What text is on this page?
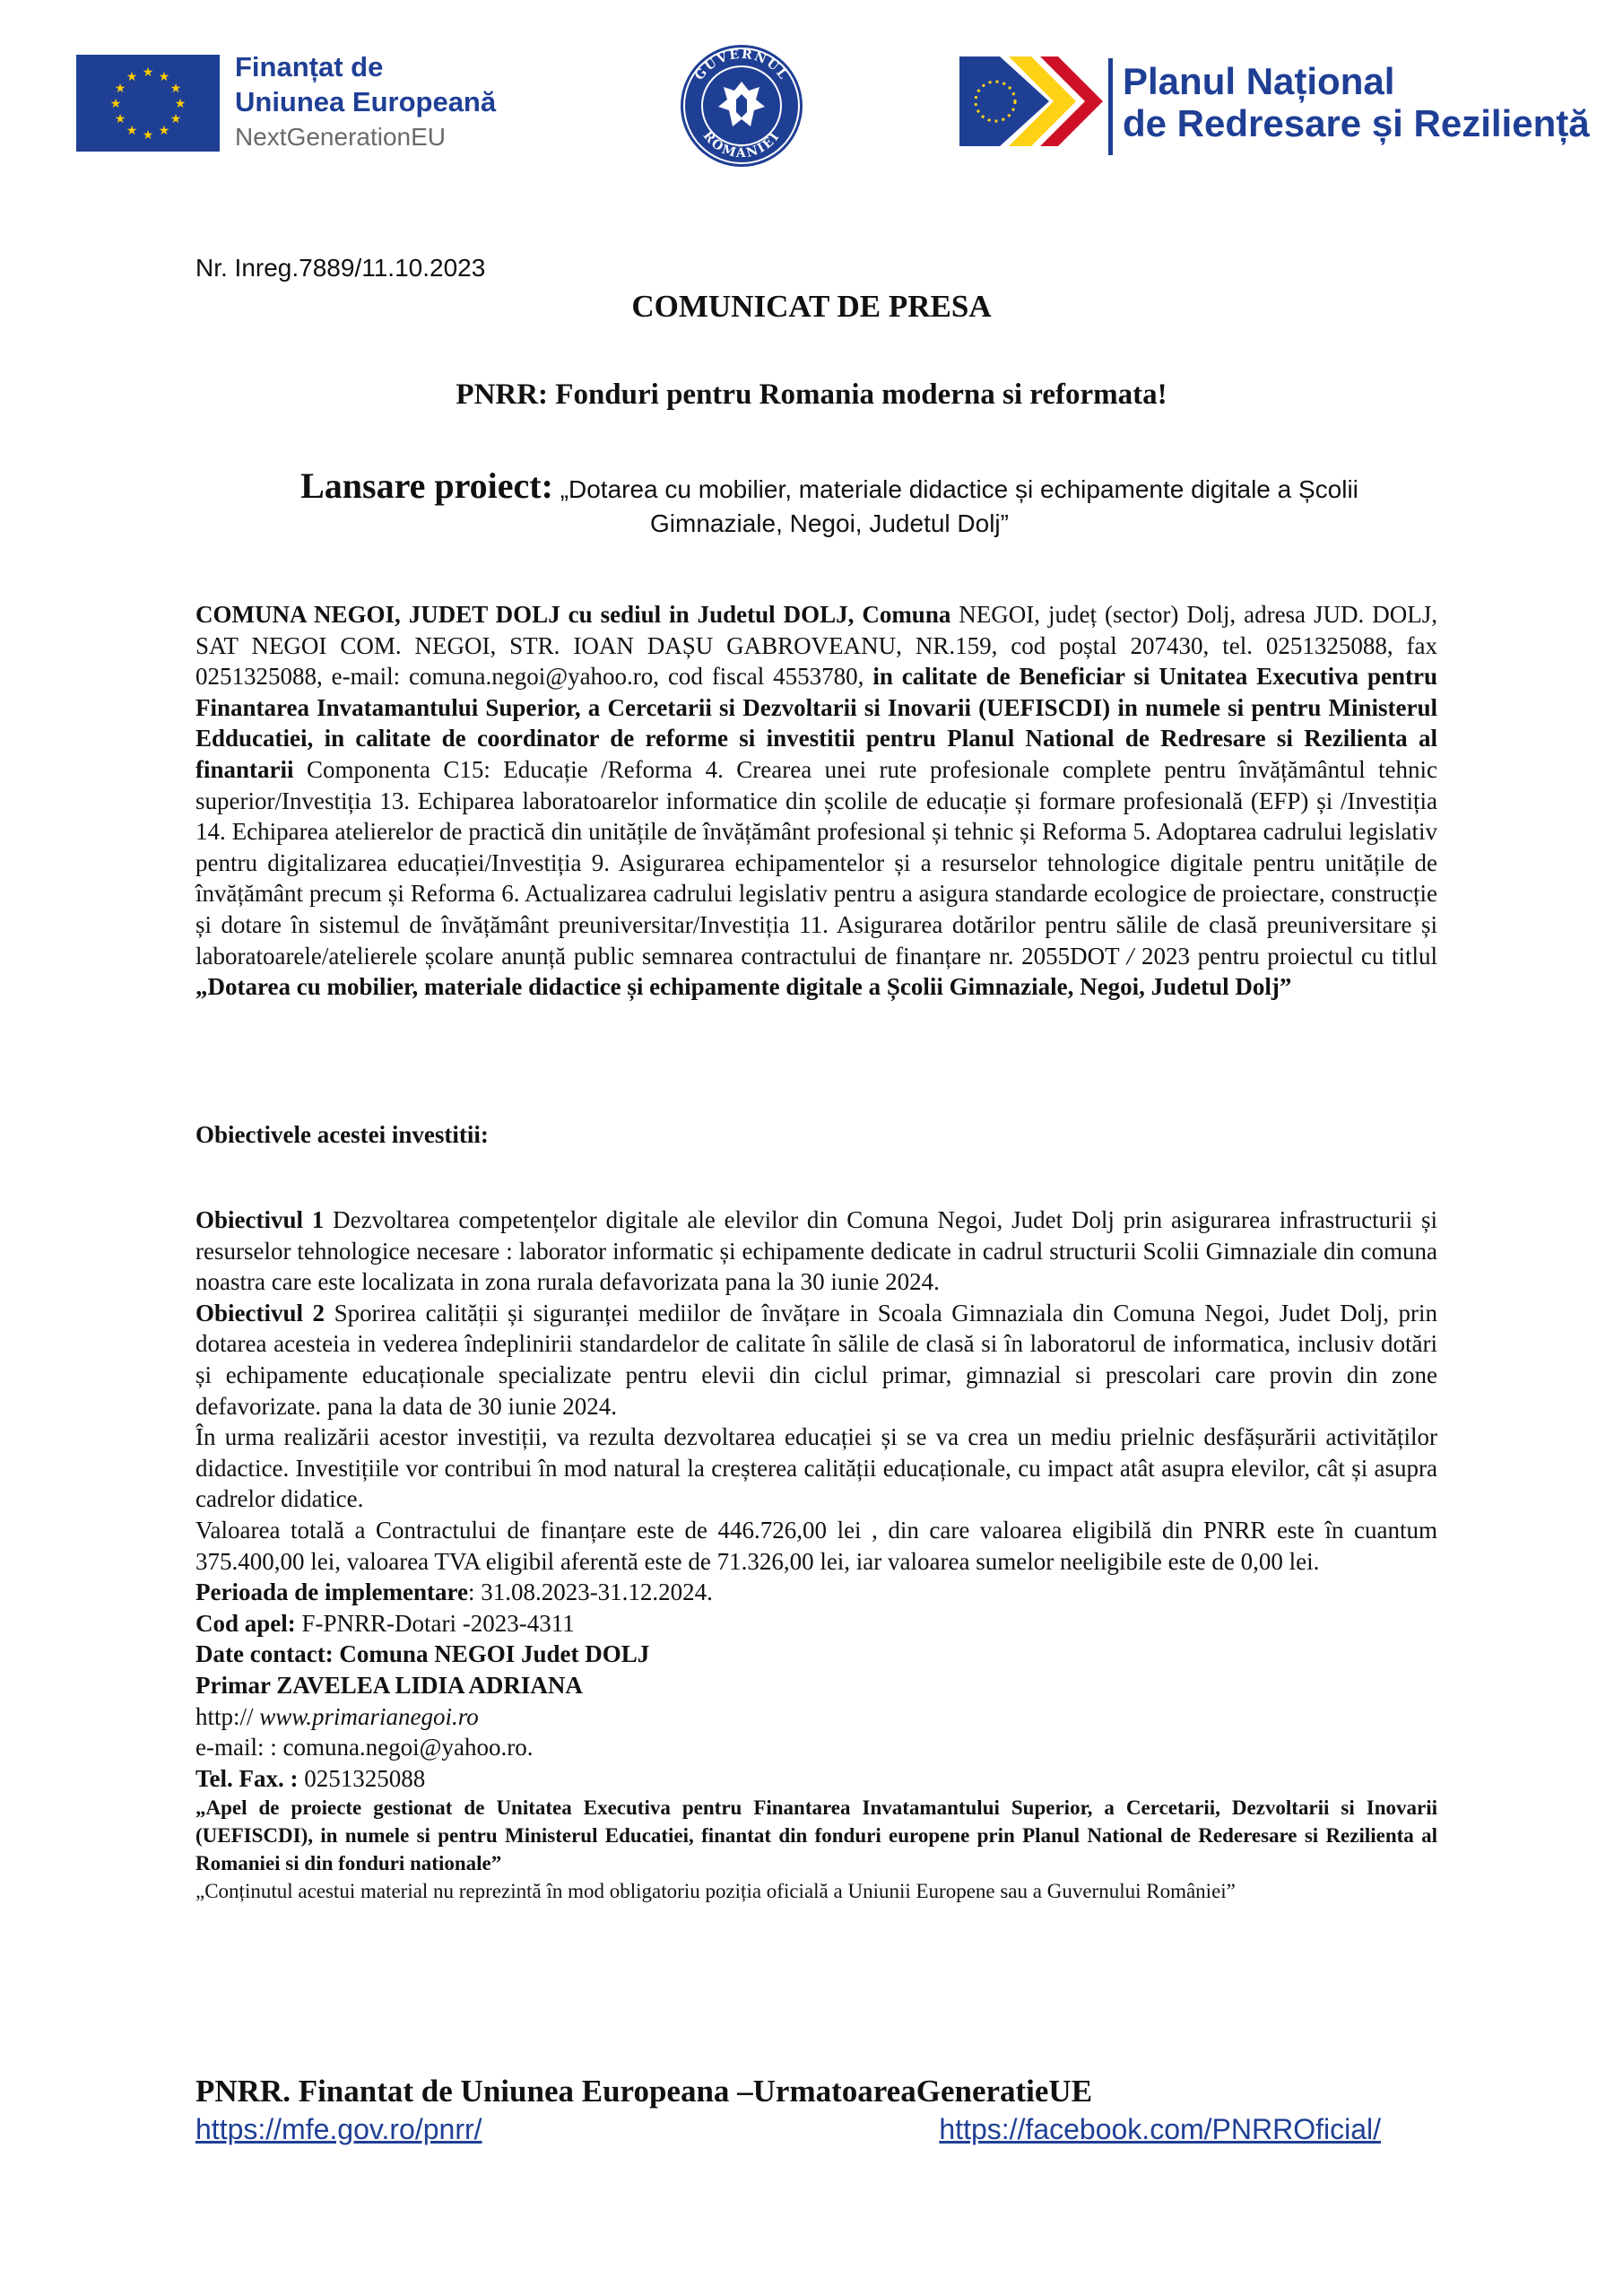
★ ★
★
★
★
★
★
★
★
★
★
★	Finanțat de
Uniunea Europeană
NextGenerationEU
GUVERNUL
ROMÂNIEI
Planul Național
de Redresare și Reziliență
Nr. Inreg.7889/11.10.2023
COMUNICAT DE PRESA
PNRR: Fonduri pentru Romania moderna si reformata!
Lansare proiect: „Dotarea cu mobilier, materiale didactice și echipamente digitale a Școlii Gimnaziale, Negoi, Judetul Dolj”
COMUNA NEGOI, JUDET DOLJ cu sediul in Judetul DOLJ, Comuna NEGOI, județ (sector) Dolj, adresa JUD. DOLJ, SAT NEGOI COM. NEGOI, STR. IOAN DAȘU GABROVEANU, NR.159, cod poștal 207430, tel. 0251325088, fax 0251325088, e-mail: comuna.negoi@yahoo.ro, cod fiscal 4553780, in calitate de Beneficiar si Unitatea Executiva pentru Finantarea Invatamantului Superior, a Cercetarii si Dezvoltarii si Inovarii (UEFISCDI) in numele si pentru Ministerul Edducatiei, in calitate de coordinator de reforme si investitii pentru Planul National de Redresare si Rezilienta al finantarii Componenta C15: Educație /Reforma 4. Crearea unei rute profesionale complete pentru învățământul tehnic superior/Investiția 13. Echiparea laboratoarelor informatice din școlile de educație și formare profesională (EFP) și /Investiția 14. Echiparea atelierelor de practică din unitățile de învățământ profesional și tehnic și Reforma 5. Adoptarea cadrului legislativ pentru digitalizarea educației/Investiția 9. Asigurarea echipamentelor și a resurselor tehnologice digitale pentru unitățile de învățământ precum și Reforma 6. Actualizarea cadrului legislativ pentru a asigura standarde ecologice de proiectare, construcție și dotare în sistemul de învățământ preuniversitar/Investiția 11. Asigurarea dotărilor pentru sălile de clasă preuniversitare și laboratoarele/atelierele școlare anunță public semnarea contractului de finanțare nr. 2055DOT / 2023 pentru proiectul cu titlul „Dotarea cu mobilier, materiale didactice și echipamente digitale a Școlii Gimnaziale, Negoi, Judetul Dolj”
Obiectivele acestei investitii:

Obiectivul 1 Dezvoltarea competențelor digitale ale elevilor din Comuna Negoi, Judet Dolj prin asigurarea infrastructurii și resurselor tehnologice necesare : laborator informatic și echipamente dedicate in cadrul structurii Scolii Gimnaziale din comuna noastra care este localizata in zona rurala defavorizata pana la 30 iunie 2024.

Obiectivul 2 Sporirea calității și siguranței mediilor de învățare in Scoala Gimnaziala din Comuna Negoi, Judet Dolj, prin dotarea acesteia in vederea îndeplinirii standardelor de calitate în sălile de clasă si în laboratorul de informatica, inclusiv dotări și echipamente educaționale specializate pentru elevii din ciclul primar, gimnazial si prescolari care provin din zone defavorizate. pana la data de 30 iunie 2024.

În urma realizării acestor investiții, va rezulta dezvoltarea educației și se va crea un mediu prielnic desfășurării activităților didactice. Investițiile vor contribui în mod natural la creșterea calității educaționale, cu impact atât asupra elevilor, cât și asupra cadrelor didatice.

Valoarea totală a Contractului de finanțare este de 446.726,00 lei , din care valoarea eligibilă din PNRR este în cuantum 375.400,00 lei, valoarea TVA eligibil aferentă este de 71.326,00 lei, iar valoarea sumelor neeligibile este de 0,00 lei.

Perioada de implementare: 31.08.2023-31.12.2024.

Cod apel: F-PNRR-Dotari -2023-4311

Date contact: Comuna NEGOI Judet DOLJ

Primar ZAVELEA LIDIA ADRIANA

http:// www.primarianegoi.ro

e-mail: : comuna.negoi@yahoo.ro.

Tel. Fax. : 0251325088

„Apel de proiecte gestionat de Unitatea Executiva pentru Finantarea Invatamantului Superior, a Cercetarii, Dezvoltarii si Inovarii (UEFISCDI), in numele si pentru Ministerul Educatiei, finantat din fonduri europene prin Planul National de Rederesare si Rezilienta al Romaniei si din fonduri nationale”

„Conținutul acestui material nu reprezintă în mod obligatoriu poziția oficială a Uniunii Europene sau a Guvernului României”

PNRR. Finantat de Uniunea Europeana –UrmatoareaGeneratieUE
https://mfe.gov.ro/pnrr/	https://facebook.com/PNRROficial/
